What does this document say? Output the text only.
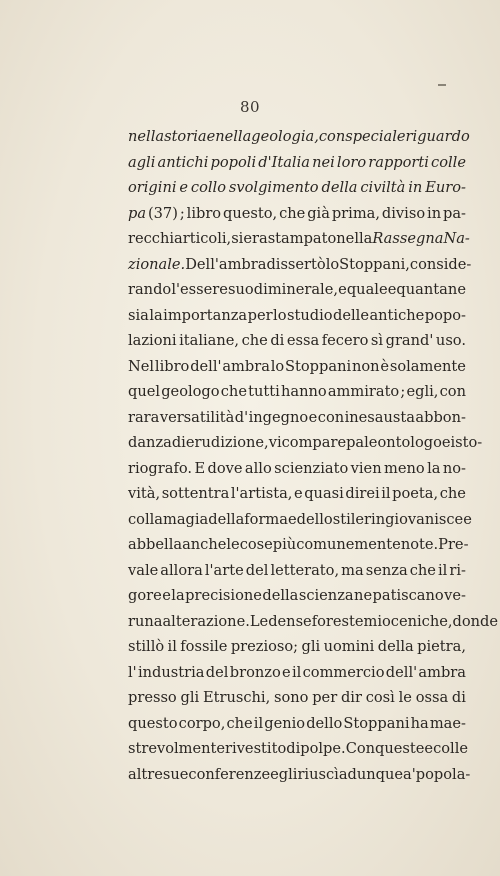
80
nella storia e nella geologia, con speciale riguardo
agli antichi popoli d'Italia nei loro rapporti colle
origini e collo svolgimento della civiltà in Euro-
pa (37) ; libro questo, che già prima, diviso in pa-
recchi articoli, si era stampato nella Rassegna Na-
zionale. Dell' ambra dissertò lo Stoppani, conside-
rando l'essere suo di minerale, e quale e quanta ne
sia la importanza per lo studio delle antiche popo-
lazioni italiane, che di essa fecero sì grand' uso.
Nel libro dell' ambra lo Stoppani non è solamente
quel geologo che tutti hanno ammirato ; egli, con
rara versatilità d' ingegno e con inesausta abbon-
danza di erudizione, vi compare paleontologo e isto-
riografo. E dove allo scienziato vien meno la no-
vità, sottentra l'artista, e quasi direi il poeta, che
colla magia della forma e dello stile ringiovanisce e
abbella anche le cose più comunemente note. Pre-
vale allora l'arte del letterato, ma senza che il ri-
gore e la precisione della scienza ne patiscano ve-
runa alterazione. Le dense foreste mioceniche, donde
stillò il fossile prezioso; gli uomini della pietra,
l' industria del bronzo e il commercio dell' ambra
presso gli Etruschi, sono per dir così le ossa di
questo corpo, che il genio dello Stoppani ha mae-
strevolmente rivestito di polpe. Con queste e colle
altre sue conferenze egli riuscì adunque a' popola-
